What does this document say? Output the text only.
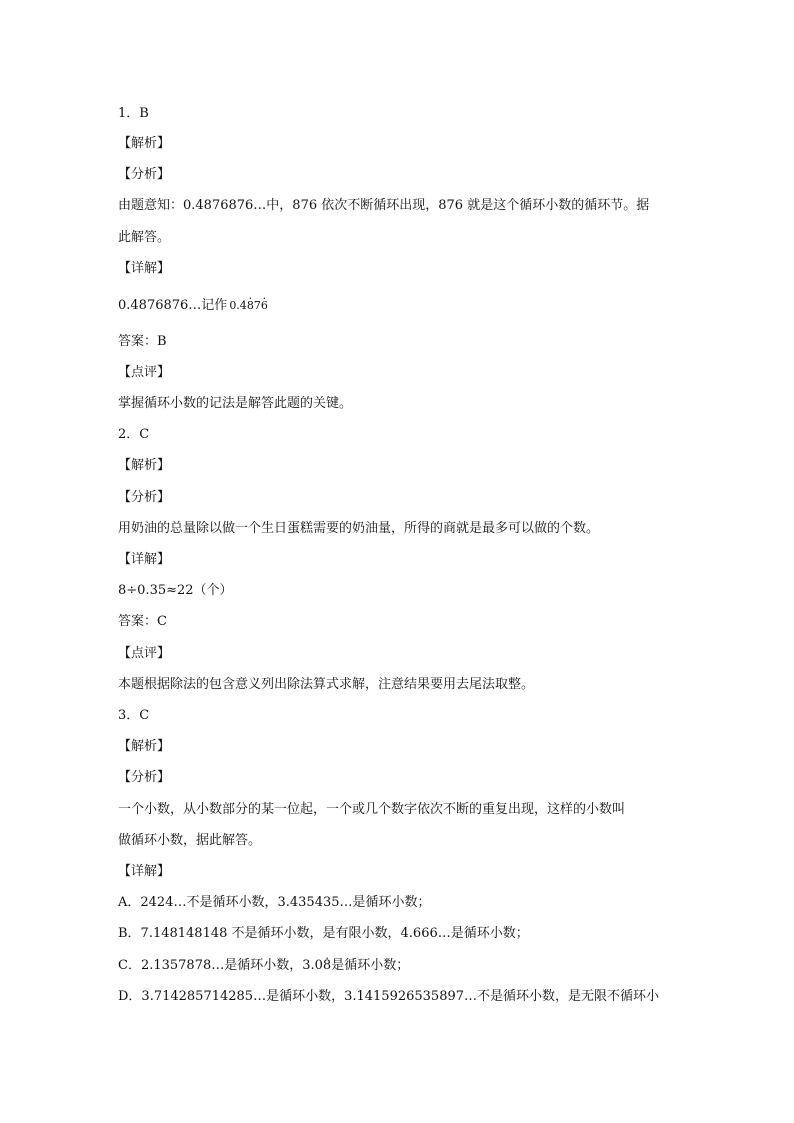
1．B
【解析】
【分析】
由题意知：0.4876876…中，876 依次不断循环出现，876 就是这个循环小数的循环节。据
此解答。
【详解】
0.4876876…记作 0.48 ·76 ·
答案：B
【点评】
掌握循环小数的记法是解答此题的关键。
2．C
【解析】
【分析】
用奶油的总量除以做一个生日蛋糕需要的奶油量，所得的商就是最多可以做的个数。
【详解】
8÷0.35≈22（个）
答案：C
【点评】
本题根据除法的包含意义列出除法算式求解，注意结果要用去尾法取整。
3．C
【解析】
【分析】
一个小数，从小数部分的某一位起，一个或几个数字依次不断的重复出现，这样的小数叫
做循环小数，据此解答。
【详解】
A．2424…不是循环小数，3.435435…是循环小数；
B．7.148148148 不是循环小数，是有限小数，4.666…是循环小数；
C．2.1357878…是循环小数，3.08 ·是循环小数；
D．3.714285714285…是循环小数，3.1415926535897…不是循环小数，是无限不循环小
